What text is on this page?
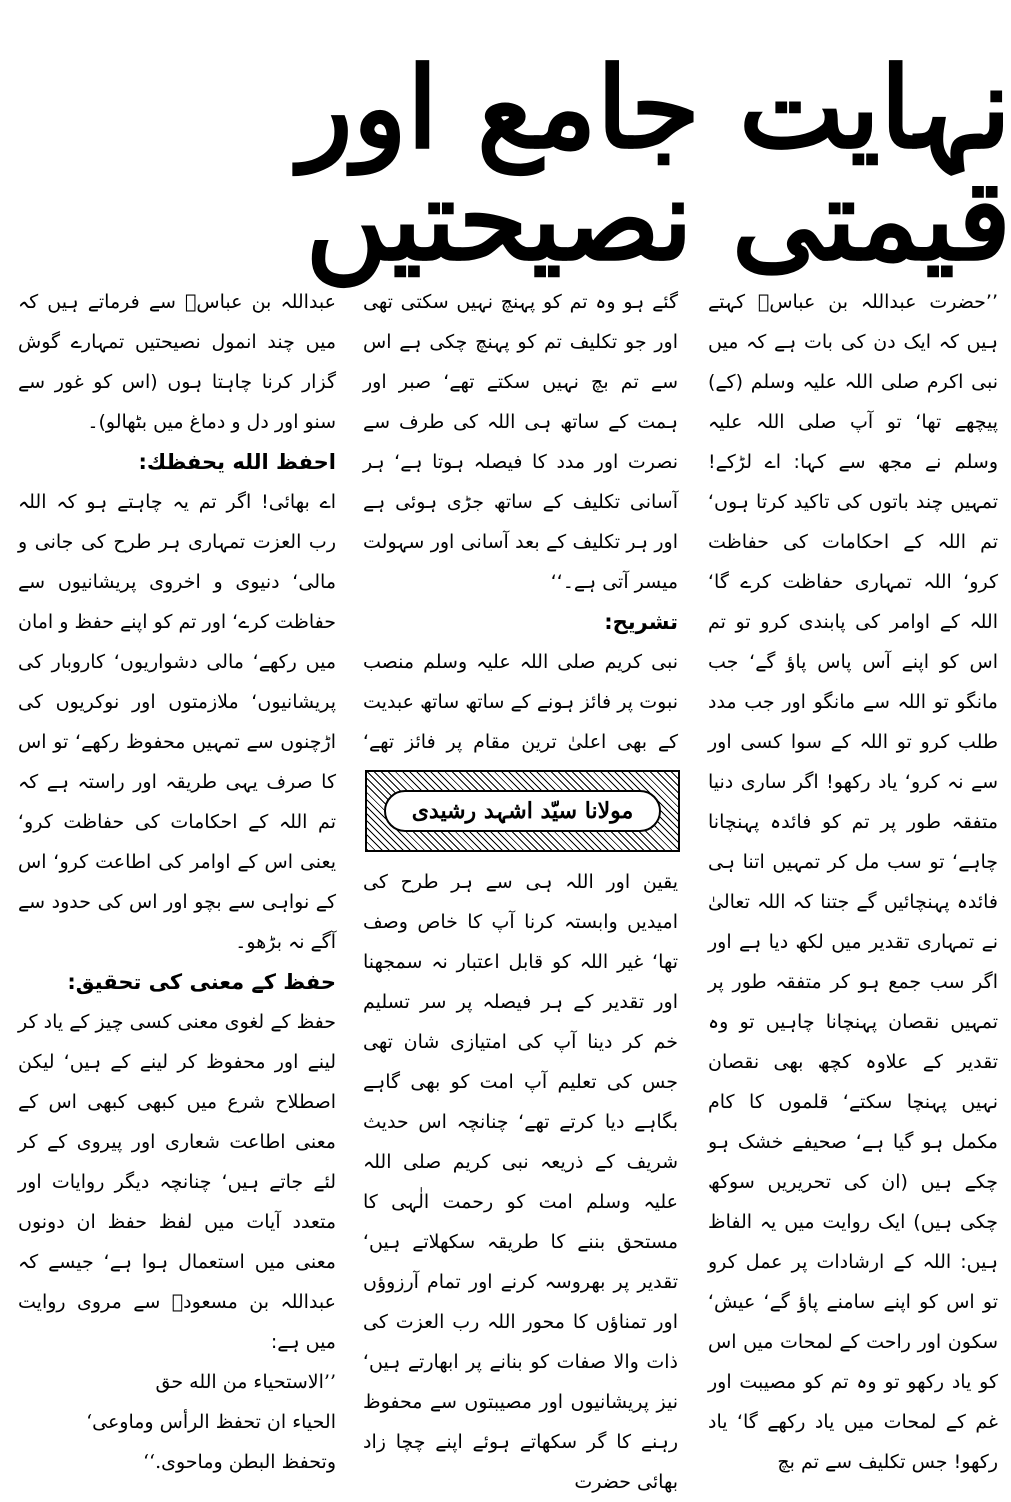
نہایت جامع اور قیمتی نصیحتیں

’’حضرت عبداللہ بن عباسؓ کہتے ہیں کہ ایک دن کی بات ہے کہ میں نبی اکرم صلی اللہ علیہ وسلم (کے) پیچھے تھا‘ تو آپ صلی اللہ علیہ وسلم نے مجھ سے کہا: اے لڑکے! تمہیں چند باتوں کی تاکید کرتا ہوں‘ تم اللہ کے احکامات کی حفاظت کرو‘ اللہ تمہاری حفاظت کرے گا‘ اللہ کے اوامر کی پابندی کرو تو تم اس کو اپنے آس پاس پاؤ گے‘ جب مانگو تو اللہ سے مانگو اور جب مدد طلب کرو تو اللہ کے سوا کسی اور سے نہ کرو‘ یاد رکھو! اگر ساری دنیا متفقہ طور پر تم کو فائدہ پہنچانا چاہے‘ تو سب مل کر تمہیں اتنا ہی فائدہ پہنچائیں گے جتنا کہ اللہ تعالیٰ نے تمہاری تقدیر میں لکھ دیا ہے اور اگر سب جمع ہو کر متفقہ طور پر تمہیں نقصان پہنچانا چاہیں تو وہ تقدیر کے علاوہ کچھ بھی نقصان نہیں پہنچا سکتے‘ قلموں کا کام مکمل ہو گیا ہے‘ صحیفے خشک ہو چکے ہیں (ان کی تحریریں سوکھ چکی ہیں) ایک روایت میں یہ الفاظ ہیں: اللہ کے ارشادات پر عمل کرو تو اس کو اپنے سامنے پاؤ گے‘ عیش‘ سکون اور راحت کے لمحات میں اس کو یاد رکھو تو وہ تم کو مصیبت اور غم کے لمحات میں یاد رکھے گا‘ یاد رکھو! جس تکلیف سے تم بچ

گئے ہو وہ تم کو پہنچ نہیں سکتی تھی اور جو تکلیف تم کو پہنچ چکی ہے اس سے تم بچ نہیں سکتے تھے‘ صبر اور ہمت کے ساتھ ہی اللہ کی طرف سے نصرت اور مدد کا فیصلہ ہوتا ہے‘ ہر آسانی تکلیف کے ساتھ جڑی ہوئی ہے اور ہر تکلیف کے بعد آسانی اور سہولت میسر آتی ہے۔‘‘

تشریح:

نبی کریم صلی اللہ علیہ وسلم منصب نبوت پر فائز ہونے کے ساتھ ساتھ عبدیت کے بھی اعلیٰ ترین مقام پر فائز تھے‘

مولانا سیّد اشہد رشیدی

یقین اور اللہ ہی سے ہر طرح کی امیدیں وابستہ کرنا آپ کا خاص وصف تھا‘ غیر اللہ کو قابل اعتبار نہ سمجھنا اور تقدیر کے ہر فیصلہ پر سر تسلیم خم کر دینا آپ کی امتیازی شان تھی جس کی تعلیم آپ امت کو بھی گاہے بگاہے دیا کرتے تھے‘ چنانچہ اس حدیث شریف کے ذریعہ نبی کریم صلی اللہ علیہ وسلم امت کو رحمت الٰہی کا مستحق بننے کا طریقہ سکھلاتے ہیں‘ تقدیر پر بھروسہ کرنے اور تمام آرزوؤں اور تمناؤں کا محور اللہ رب العزت کی ذات والا صفات کو بنانے پر ابھارتے ہیں‘ نیز پریشانیوں اور مصیبتوں سے محفوظ رہنے کا گر سکھاتے ہوئے اپنے چچا زاد بھائی حضرت

عبداللہ بن عباسؓ سے فرماتے ہیں کہ میں چند انمول نصیحتیں تمہارے گوش گزار کرنا چاہتا ہوں (اس کو غور سے سنو اور دل و دماغ میں بٹھالو)۔

احفظ الله يحفظك:

اے بھائی! اگر تم یہ چاہتے ہو کہ اللہ رب العزت تمہاری ہر طرح کی جانی و مالی‘ دنیوی و اخروی پریشانیوں سے حفاظت کرے‘ اور تم کو اپنے حفظ و امان میں رکھے‘ مالی دشواریوں‘ کاروبار کی پریشانیوں‘ ملازمتوں اور نوکریوں کی اڑچنوں سے تمہیں محفوظ رکھے‘ تو اس کا صرف یہی طریقہ اور راستہ ہے کہ تم اللہ کے احکامات کی حفاظت کرو‘ یعنی اس کے اوامر کی اطاعت کرو‘ اس کے نواہی سے بچو اور اس کی حدود سے آگے نہ بڑھو۔

حفظ کے معنی کی تحقیق:

حفظ کے لغوی معنی کسی چیز کے یاد کر لینے اور محفوظ کر لینے کے ہیں‘ لیکن اصطلاح شرع میں کبھی کبھی اس کے معنی اطاعت شعاری اور پیروی کے کر لئے جاتے ہیں‘ چنانچہ دیگر روایات اور متعدد آیات میں لفظ حفظ ان دونوں معنی میں استعمال ہوا ہے‘ جیسے کہ عبداللہ بن مسعودؓ سے مروی روایت میں ہے:

’’الاستحياء من الله حق
الحياء ان تحفظ الرأس وماوعى‘
وتحفظ البطن وماحوى.‘‘
